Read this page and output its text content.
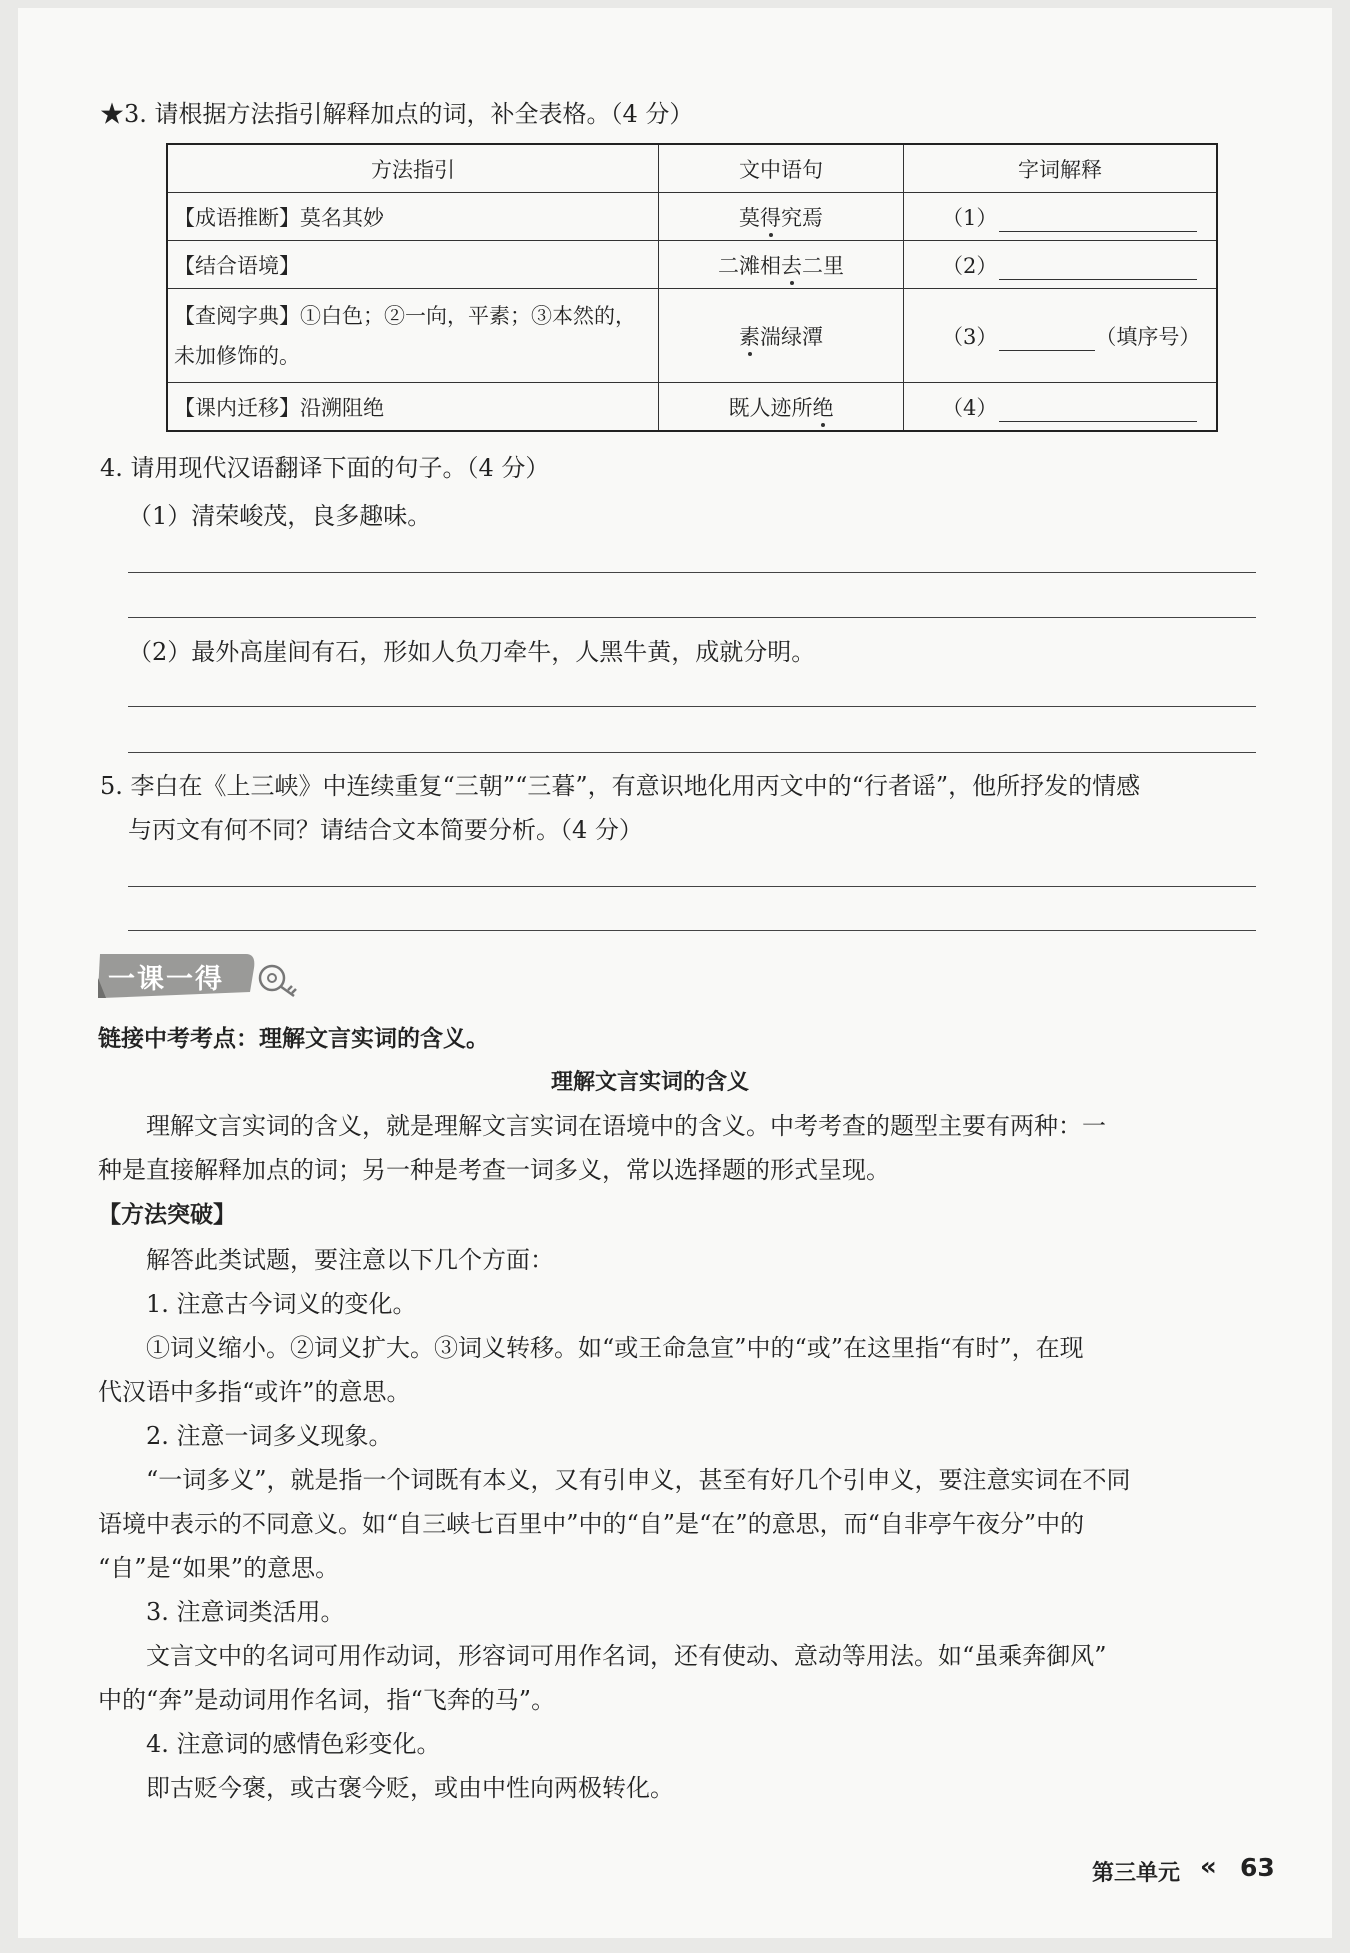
★3. 请根据方法指引解释加点的词，补全表格。（4 分）
方法指引	文中语句	字词解释
【成语推断】莫名其妙	莫得究焉	（1）
【结合语境】	二滩相去二里	（2）

【查阅字典】①白色；②一向，平素；③本然的，
未加修饰的。	素湍绿潭	（3） （填序号）
【课内迁移】沿溯阻绝	既人迹所绝	（4）
4. 请用现代汉语翻译下面的句子。（4 分）
（1）清荣峻茂，良多趣味。
（2）最外高崖间有石，形如人负刀牵牛，人黑牛黄，成就分明。
5. 李白在《上三峡》中连续重复“三朝”“三暮”，有意识地化用丙文中的“行者谣”，他所抒发的情感
与丙文有何不同？请结合文本简要分析。（4 分）
一课一得
链接中考考点：理解文言实词的含义。
理解文言实词的含义
理解文言实词的含义，就是理解文言实词在语境中的含义。中考考查的题型主要有两种：一
种是直接解释加点的词；另一种是考查一词多义，常以选择题的形式呈现。
【方法突破】
解答此类试题，要注意以下几个方面：
1. 注意古今词义的变化。
①词义缩小。②词义扩大。③词义转移。如“或王命急宣”中的“或”在这里指“有时”，在现
代汉语中多指“或许”的意思。
2. 注意一词多义现象。
“一词多义”，就是指一个词既有本义，又有引申义，甚至有好几个引申义，要注意实词在不同
语境中表示的不同意义。如“自三峡七百里中”中的“自”是“在”的意思，而“自非亭午夜分”中的
“自”是“如果”的意思。
3. 注意词类活用。
文言文中的名词可用作动词，形容词可用作名词，还有使动、意动等用法。如“虽乘奔御风”
中的“奔”是动词用作名词，指“飞奔的马”。
4. 注意词的感情色彩变化。
即古贬今褒，或古褒今贬，或由中性向两极转化。
第三单元 « 63
